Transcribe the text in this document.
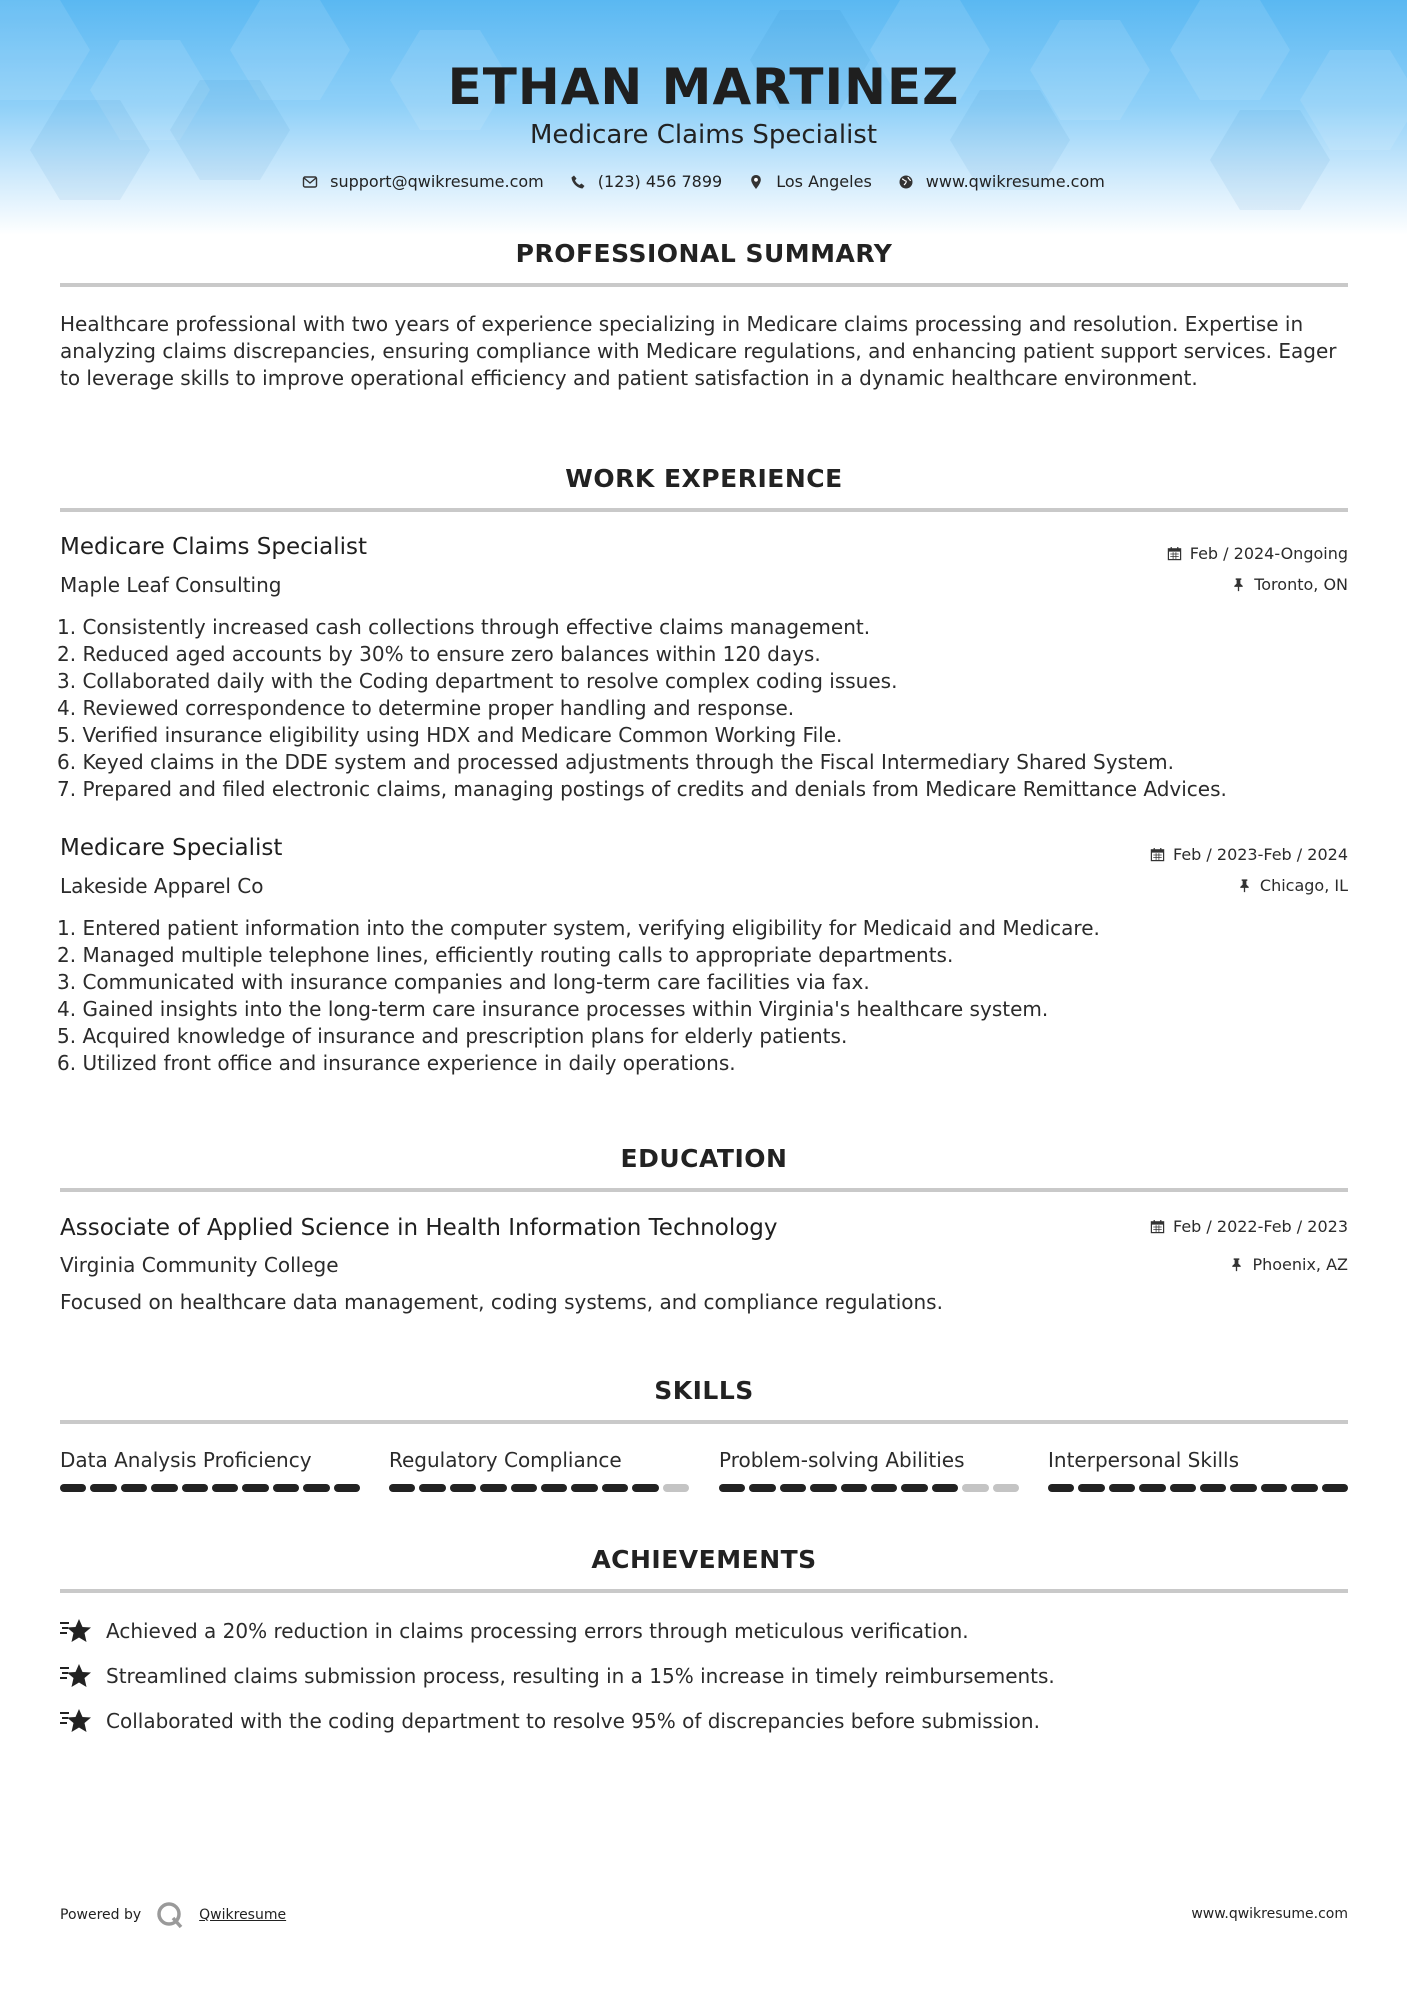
ETHAN MARTINEZ
Medicare Claims Specialist
support@qwikresume.com	(123) 456 7899	Los Angeles	www.qwikresume.com
PROFESSIONAL SUMMARY
Healthcare professional with two years of experience specializing in Medicare claims processing and resolution. Expertise in analyzing claims discrepancies, ensuring compliance with Medicare regulations, and enhancing patient support services. Eager to leverage skills to improve operational efficiency and patient satisfaction in a dynamic healthcare environment.
WORK EXPERIENCE
Medicare Claims Specialist	Feb / 2024-Ongoing
Maple Leaf Consulting	Toronto, ON
1. Consistently increased cash collections through effective claims management.
2. Reduced aged accounts by 30% to ensure zero balances within 120 days.
3. Collaborated daily with the Coding department to resolve complex coding issues.
4. Reviewed correspondence to determine proper handling and response.
5. Verified insurance eligibility using HDX and Medicare Common Working File.
6. Keyed claims in the DDE system and processed adjustments through the Fiscal Intermediary Shared System.
7. Prepared and filed electronic claims, managing postings of credits and denials from Medicare Remittance Advices.
Medicare Specialist	Feb / 2023-Feb / 2024
Lakeside Apparel Co	Chicago, IL
1. Entered patient information into the computer system, verifying eligibility for Medicaid and Medicare.
2. Managed multiple telephone lines, efficiently routing calls to appropriate departments.
3. Communicated with insurance companies and long-term care facilities via fax.
4. Gained insights into the long-term care insurance processes within Virginia's healthcare system.
5. Acquired knowledge of insurance and prescription plans for elderly patients.
6. Utilized front office and insurance experience in daily operations.
EDUCATION
Associate of Applied Science in Health Information Technology	Feb / 2022-Feb / 2023
Virginia Community College	Phoenix, AZ
Focused on healthcare data management, coding systems, and compliance regulations.
SKILLS
Data Analysis Proficiency	Regulatory Compliance	Problem-solving Abilities	Interpersonal Skills
ACHIEVEMENTS
Achieved a 20% reduction in claims processing errors through meticulous verification.
Streamlined claims submission process, resulting in a 15% increase in timely reimbursements.
Collaborated with the coding department to resolve 95% of discrepancies before submission.
Powered by	Qwikresume	www.qwikresume.com
